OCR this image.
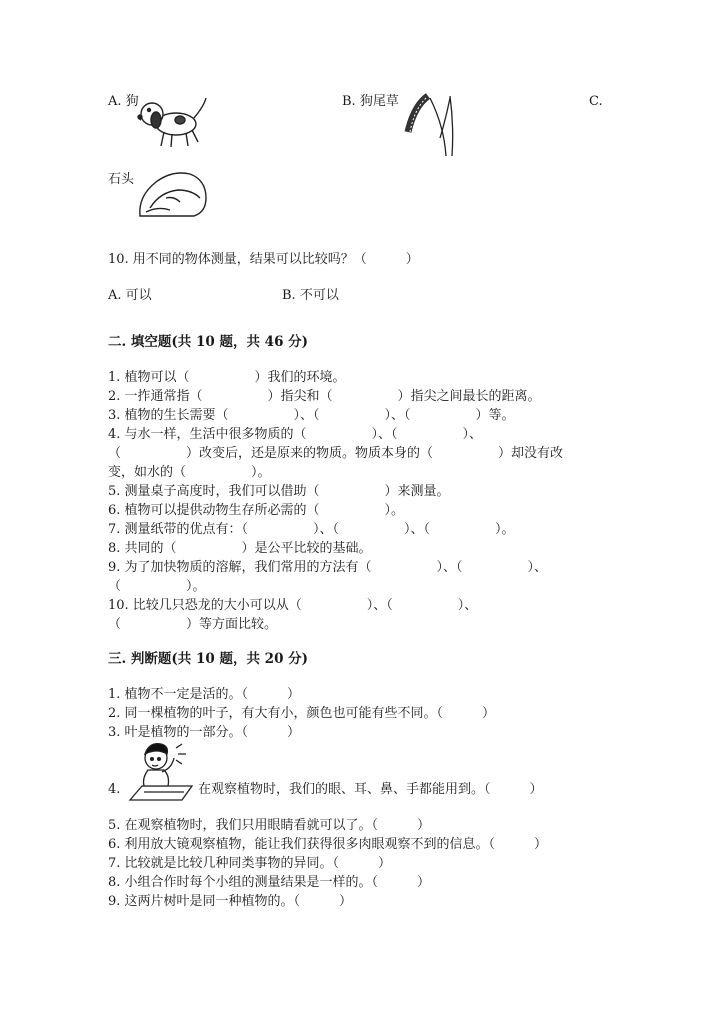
A. 狗	B. 狗尾草	C.
石头
10. 用不同的物体测量，结果可以比较吗？（　　　）
A. 可以	B. 不可以
二. 填空题(共 10 题，共 46 分)
1. 植物可以（　　　　　）我们的环境。
2. 一拃通常指（　　　　　）指尖和（　　　　　）指尖之间最长的距离。
3. 植物的生长需要（　　　　　）、（　　　　　）、（　　　　　）等。
4. 与水一样，生活中很多物质的（　　　　　）、（　　　　　）、
（　　　　　）改变后，还是原来的物质。物质本身的（　　　　　）却没有改
变，如水的（　　　　　）。
5. 测量桌子高度时，我们可以借助（　　　　　）来测量。
6. 植物可以提供动物生存所必需的（　　　　　）。
7. 测量纸带的优点有：（　　　　　）、（　　　　　）、（　　　　　）。
8. 共同的（　　　　　）是公平比较的基础。
9. 为了加快物质的溶解，我们常用的方法有（　　　　　）、（　　　　　）、
（　　　　　）。
10. 比较几只恐龙的大小可以从（　　　　　）、（　　　　　）、
（　　　　　）等方面比较。
三. 判断题(共 10 题，共 20 分)
1. 植物不一定是活的。（　　　）
2. 同一棵植物的叶子，有大有小，颜色也可能有些不同。（　　　）
3. 叶是植物的一部分。（　　　）
4.	在观察植物时，我们的眼、耳、鼻、手都能用到。（　　　）
5. 在观察植物时，我们只用眼睛看就可以了。（　　　）
6. 利用放大镜观察植物，能让我们获得很多肉眼观察不到的信息。（　　　）
7. 比较就是比较几种同类事物的异同。（　　　）
8. 小组合作时每个小组的测量结果是一样的。（　　　）
9. 这两片树叶是同一种植物的。（　　　）
